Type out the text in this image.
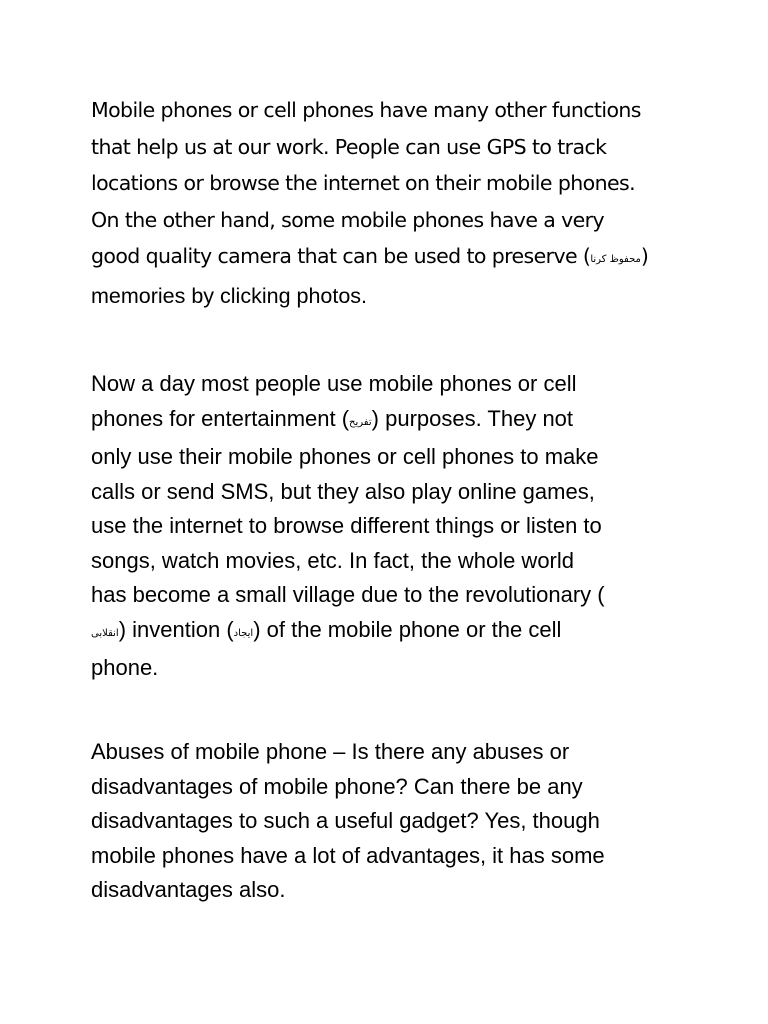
Mobile phones or cell phones have many other functions
that help us at our work. People can use GPS to track
locations or browse the internet on their mobile phones.
On the other hand, some mobile phones have a very
good quality camera that can be used to preserve (محفوظ کرنا)
memories by clicking photos.
Now a day most people use mobile phones or cell
phones for entertainment (تفریح) purposes. They not
only use their mobile phones or cell phones to make
calls or send SMS, but they also play online games,
use the internet to browse different things or listen to
songs, watch movies, etc. In fact, the whole world
has become a small village due to the revolutionary (
انقلابی) invention (ایجاد) of the mobile phone or the cell
phone.
Abuses of mobile phone – Is there any abuses or
disadvantages of mobile phone? Can there be any
disadvantages to such a useful gadget? Yes, though
mobile phones have a lot of advantages, it has some
disadvantages also.
